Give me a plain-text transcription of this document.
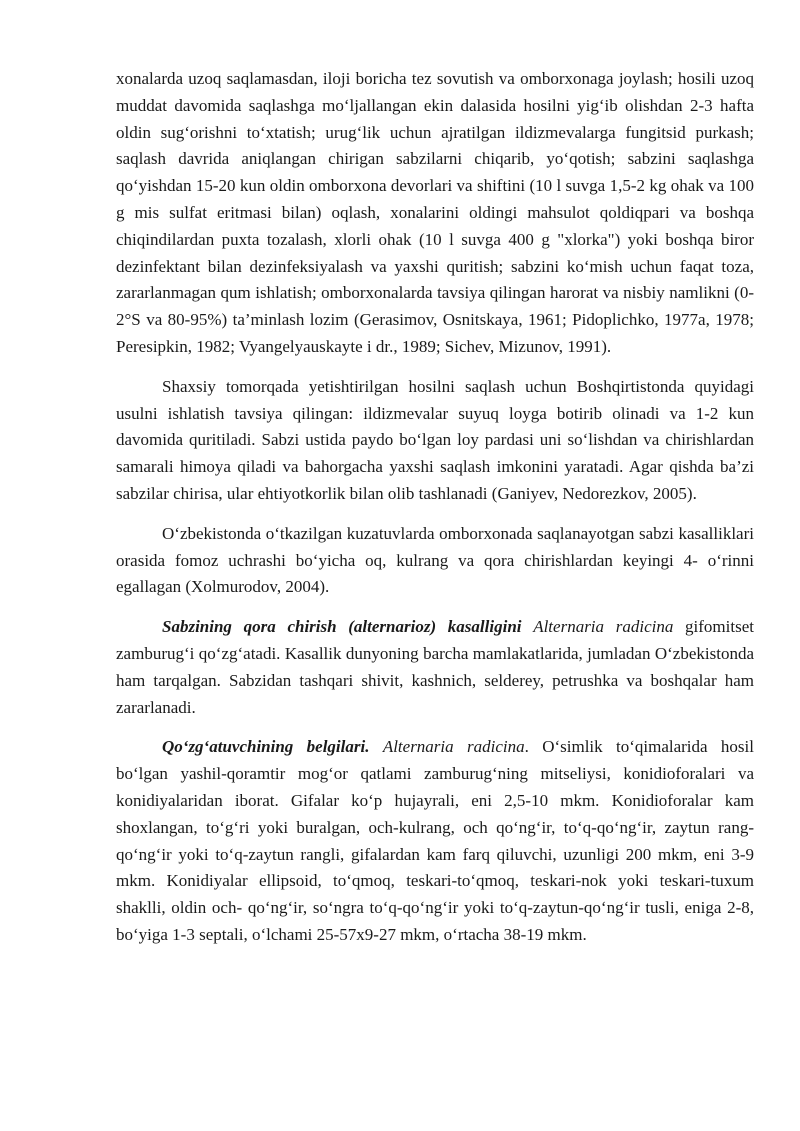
xonalarda uzoq saqlamasdan, iloji boricha tez sovutish va omborxonaga joylash; hosili uzoq muddat davomida saqlashga mo‘ljallangan ekin dalasida hosilni yig‘ib olishdan 2-3 hafta oldin sug‘orishni to‘xtatish; urug‘lik uchun ajratilgan ildizmevalarga fungitsid purkash; saqlash davrida aniqlangan chirigan sabzilarni chiqarib, yo‘qotish; sabzini saqlashga qo‘yishdan 15-20 kun oldin omborxona devorlari va shiftini (10 l suvga 1,5-2 kg ohak va 100 g mis sulfat eritmasi bilan) oqlash, xonalarini oldingi mahsulot qoldiqpari va boshqa chiqindilardan puxta tozalash, xlorli ohak (10 l suvga 400 g "xlorka") yoki boshqa biror dezinfektant bilan dezinfeksiyalash va yaxshi quritish; sabzini ko‘mish uchun faqat toza, zararlanmagan qum ishlatish; omborxonalarda tavsiya qilingan harorat va nisbiy namlikni (0-2°S va 80-95%) ta’minlash lozim (Gerasimov, Osnitskaya, 1961; Pidoplichko, 1977a, 1978; Peresipkin, 1982; Vyangelyauskayte i dr., 1989; Sichev, Mizunov, 1991).

Shaxsiy tomorqada yetishtirilgan hosilni saqlash uchun Boshqirtistonda quyidagi usulni ishlatish tavsiya qilingan: ildizmevalar suyuq loyga botirib olinadi va 1-2 kun davomida quritiladi. Sabzi ustida paydo bo‘lgan loy pardasi uni so‘lishdan va chirishlardan samarali himoya qiladi va bahorgacha yaxshi saqlash imkonini yaratadi. Agar qishda ba’zi sabzilar chirisa, ular ehtiyotkorlik bilan olib tashlanadi (Ganiyev, Nedorezkov, 2005).

O‘zbekistonda o‘tkazilgan kuzatuvlarda omborxonada saqlanayotgan sabzi kasalliklari orasida fomoz uchrashi bo‘yicha oq, kulrang va qora chirishlardan keyingi 4- o‘rinni egallagan (Xolmurodov, 2004).

Sabzining qora chirish (alternarioz) kasalligini Alternaria radicina gifomitset zamburug‘i qo‘zg‘atadi. Kasallik dunyoning barcha mamlakatlarida, jumladan O‘zbekistonda ham tarqalgan. Sabzidan tashqari shivit, kashnich, selderey, petrushka va boshqalar ham zararlanadi.

Qo‘zg‘atuvchining belgilari. Alternaria radicina. O‘simlik to‘qimalarida hosil bo‘lgan yashil-qoramtir mog‘or qatlami zamburug‘ning mitseliysi, konidioforalari va konidiyalaridan iborat. Gifalar ko‘p hujayrali, eni 2,5-10 mkm. Konidioforalar kam shoxlangan, to‘g‘ri yoki buralgan, och-kulrang, och qo‘ng‘ir, to‘q-qo‘ng‘ir, zaytun rang-qo‘ng‘ir yoki to‘q-zaytun rangli, gifalardan kam farq qiluvchi, uzunligi 200 mkm, eni 3-9 mkm. Konidiyalar ellipsoid, to‘qmoq, teskari-to‘qmoq, teskari-nok yoki teskari-tuxum shaklli, oldin och- qo‘ng‘ir, so‘ngra to‘q-qo‘ng‘ir yoki to‘q-zaytun-qo‘ng‘ir tusli, eniga 2-8, bo‘yiga 1-3 septali, o‘lchami 25-57x9-27 mkm, o‘rtacha 38-19 mkm.
